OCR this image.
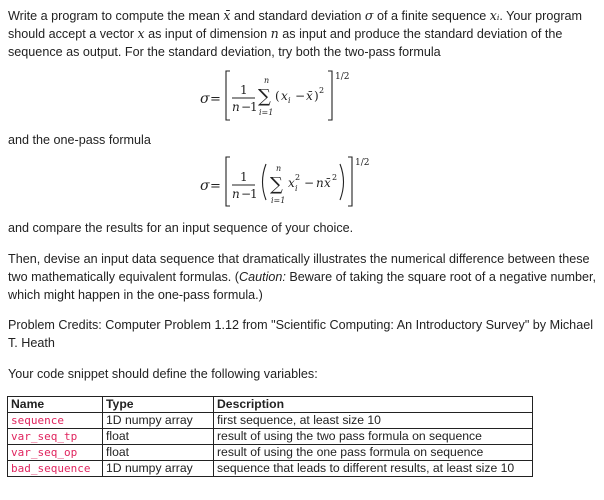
Write a program to compute the mean x̄ and standard deviation σ of a finite sequence xᵢ. Your program should accept a vector x as input of dimension n as input and produce the standard deviation of the sequence as output. For the standard deviation, try both the two-pass formula

σ =
1
n −
1
n
∑
i=1
( x i − x̄ ) 2
1/2

and the one-pass formula

σ =
1
n −
1
n
∑
i=1
x 2
i − n x̄ 2
1/2

and compare the results for an input sequence of your choice.

Then, devise an input data sequence that dramatically illustrates the numerical difference between these two mathematically equivalent formulas. (Caution: Beware of taking the square root of a negative number, which might happen in the one-pass formula.)

Problem Credits: Computer Problem 1.12 from "Scientific Computing: An Introductory Survey" by Michael T. Heath

Your code snippet should define the following variables:

Name	Type	Description
sequence	1D numpy array	first sequence, at least size 10
var_seq_tp	float	result of using the two pass formula on sequence
var_seq_op	float	result of using the one pass formula on sequence
bad_sequence	1D numpy array	sequence that leads to different results, at least size 10
